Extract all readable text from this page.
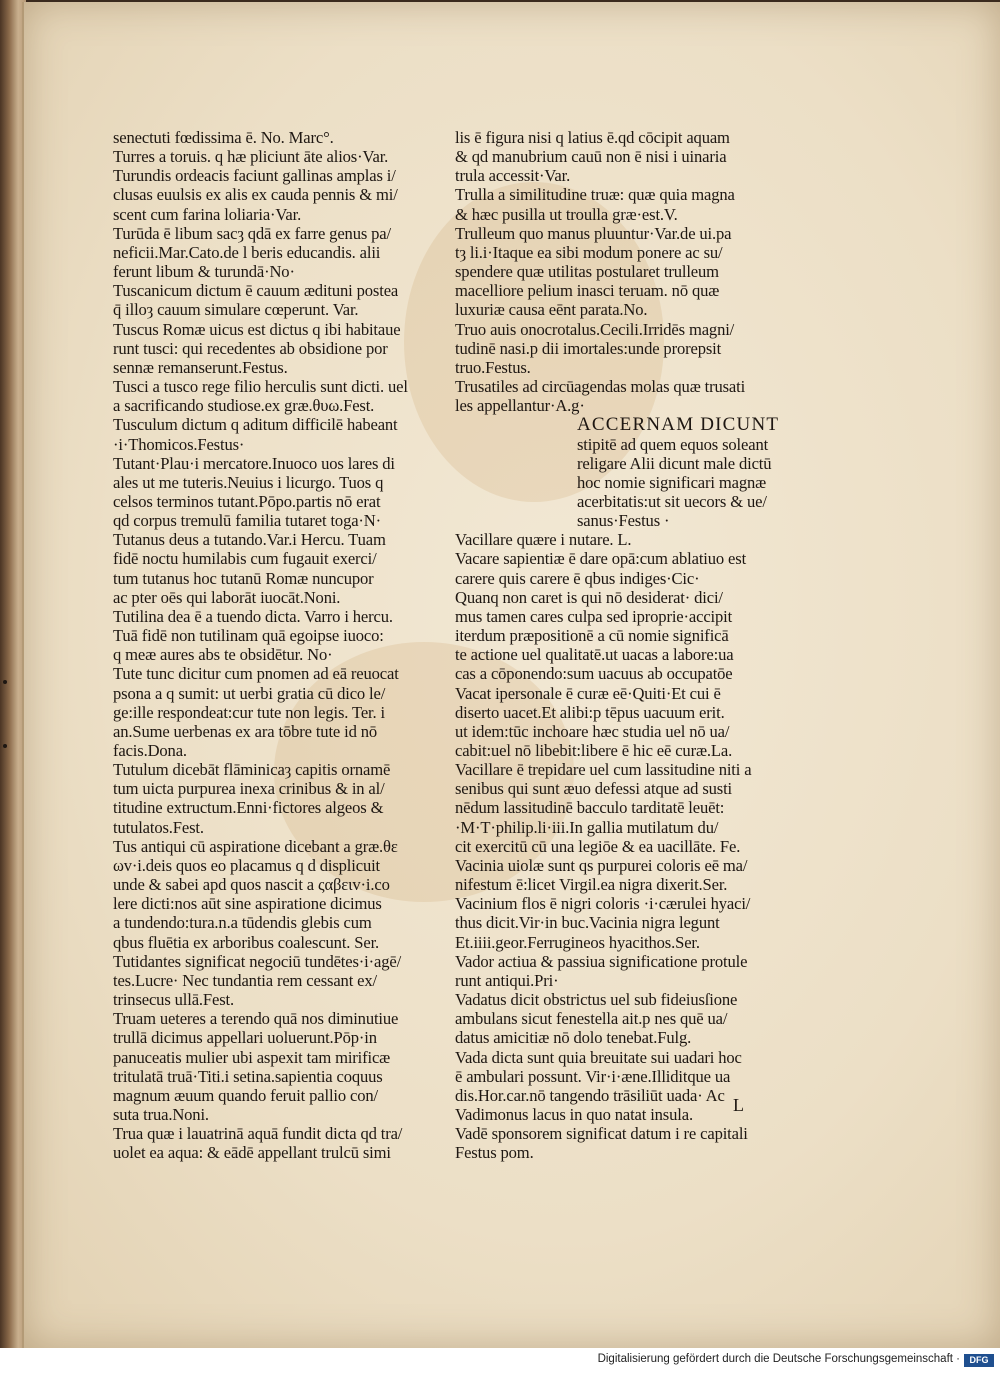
senectuti fœdissima ē. No. Marc°.
Turres a toruis. q hæ pliciunt āte alios·Var.
Turundis ordeacis faciunt gallinas amplas i/
clusas euulsis ex alis ex cauda pennis & mi/
scent cum farina loliaria·Var.
Turūda ē libum sacȝ qdā ex farre genus pa/
neficii.Mar.Cato.de l beris educandis. alii
ferunt libum & turundā·No·
Tuscanicum dictum ē cauum ædituni postea
q̄ illoȝ cauum simulare cœperunt. Var.
Tuscus Romæ uicus est dictus q ibi habitaue
runt tusci: qui recedentes ab obsidione por
sennæ remanserunt.Festus.
Tusci a tusco rege filio herculis sunt dicti. uel
a sacrificando studiose.ex græ.θυω.Fest.
Tusculum dictum q aditum difficilē habeant
·i·Thomicos.Festus·
Tutant·Plau·i mercatore.Inuoco uos lares di
ales ut me tuteris.Neuius i licurgo. Tuos q
celsos terminos tutant.Pōpo.partis nō erat
qd corpus tremulū familia tutaret toga·N·
Tutanus deus a tutando.Var.i Hercu. Tuam
fidē noctu humilabis cum fugauit exerci/
tum tutanus hoc tutanū Romæ nuncupor
ac pter oēs qui laborāt iuocāt.Noni.
Tutilina dea ē a tuendo dicta. Varro i hercu.
Tuā fidē non tutilinam quā egoipse iuoco:
q meæ aures abs te obsidētur. No·
Tute tunc dicitur cum pnomen ad eā reuocat
psona a q sumit: ut uerbi gratia cū dico le/
ge:ille respondeat:cur tute non legis. Ter. i
an.Sume uerbenas ex ara tōbre tute id nō
facis.Dona.
Tutulum dicebāt flāminicaȝ capitis ornamē
tum uicta purpurea inexa crinibus & in al/
titudine extructum.Enni·fictores algeos &
tutulatos.Fest.
Tus antiqui cū aspiratione dicebant a græ.θε
ωv·i.deis quos eo placamus q d displicuit
unde & sabei apd quos nascit a ςαβειv·i.co
lere dicti:nos aūt sine aspiratione dicimus
a tundendo:tura.n.a tūdendis glebis cum
qbus fluētia ex arboribus coalescunt. Ser.
Tutidantes significat negociū tundētes·i·agē/
tes.Lucre· Nec tundantia rem cessant ex/
trinsecus ullā.Fest.
Truam ueteres a terendo quā nos diminutiue
trullā dicimus appellari uoluerunt.Pōp·in
panuceatis mulier ubi aspexit tam mirificæ
tritulatā truā·Titi.i setina.sapientia coquus
magnum æuum quando feruit pallio con/
suta trua.Noni.
Trua quæ i lauatrinā aquā fundit dicta qd tra/
uolet ea aqua: & eādē appellant trulcū simi
lis ē figura nisi q latius ē.qd cōcipit aquam
& qd manubrium cauū non ē nisi i uinaria
trula accessit·Var.
Trulla a similitudine truæ: quæ quia magna
& hæc pusilla ut troulla græ·est.V.
Trulleum quo manus pluuntur·Var.de ui.pa
tȝ li.i·Itaque ea sibi modum ponere ac su/
spendere quæ utilitas postularet trulleum
macelliore pelium inasci teruam. nō quæ
luxuriæ causa eēnt parata.No.
Truo auis onocrotalus.Cecili.Irridēs magni/
tudinē nasi.p dii imortales:unde prorepsit
truo.Festus.
Trusatiles ad circūagendas molas quæ trusati
les appellantur·A.g·
ACCERNAM DICUNT
stipitē ad quem equos soleant
religare Alii dicunt male dictū
hoc nomie significari magnæ
acerbitatis:ut sit uecors & ue/
sanus·Festus ·
Vacillare quære i nutare. L.
Vacare sapientiæ ē dare opā:cum ablatiuo est
carere quis carere ē qbus indiges·Cic·
Quanq non caret is qui nō desiderat· dici/
mus tamen cares culpa sed iproprie·accipit
iterdum præpositionē a cū nomie significā
te actione uel qualitatē.ut uacas a labore:ua
cas a cōponendo:sum uacuus ab occupatōe
Vacat ipersonale ē curæ eē·Quiti·Et cui ē
diserto uacet.Et alibi:p tēpus uacuum erit.
ut idem:tūc inchoare hæc studia uel nō ua/
cabit:uel nō libebit:libere ē hic eē curæ.La.
Vacillare ē trepidare uel cum lassitudine niti a
senibus qui sunt æuo defessi atque ad susti
nēdum lassitudinē bacculo tarditatē leuēt:
·M·T·philip.li·iii.In gallia mutilatum du/
cit exercitū cū una legiōe & ea uacillāte. Fe.
Vacinia uiolæ sunt qs purpurei coloris eē ma/
nifestum ē:licet Virgil.ea nigra dixerit.Ser.
Vacinium flos ē nigri coloris ·i·cærulei hyaci/
thus dicit.Vir·in buc.Vacinia nigra legunt
Et.iiii.geor.Ferrugineos hyacithos.Ser.
Vador actiua & passiua significatione protule
runt antiqui.Pri·
Vadatus dicit obstrictus uel sub fideiusſione
ambulans sicut fenestella ait.p nes quē ua/
datus amicitiæ nō dolo tenebat.Fulg.
Vada dicta sunt quia breuitate sui uadari hoc
ē ambulari possunt. Vir·i·æne.Illiditque ua
dis.Hor.car.nō tangendo trāsiliūt uada· Ac
Vadimonus lacus in quo natat insula.
Vadē sponsorem significat datum i re capitali
Festus pom.
L
Digitalisierung gefördert durch die Deutsche Forschungsgemeinschaft ·	DFG
